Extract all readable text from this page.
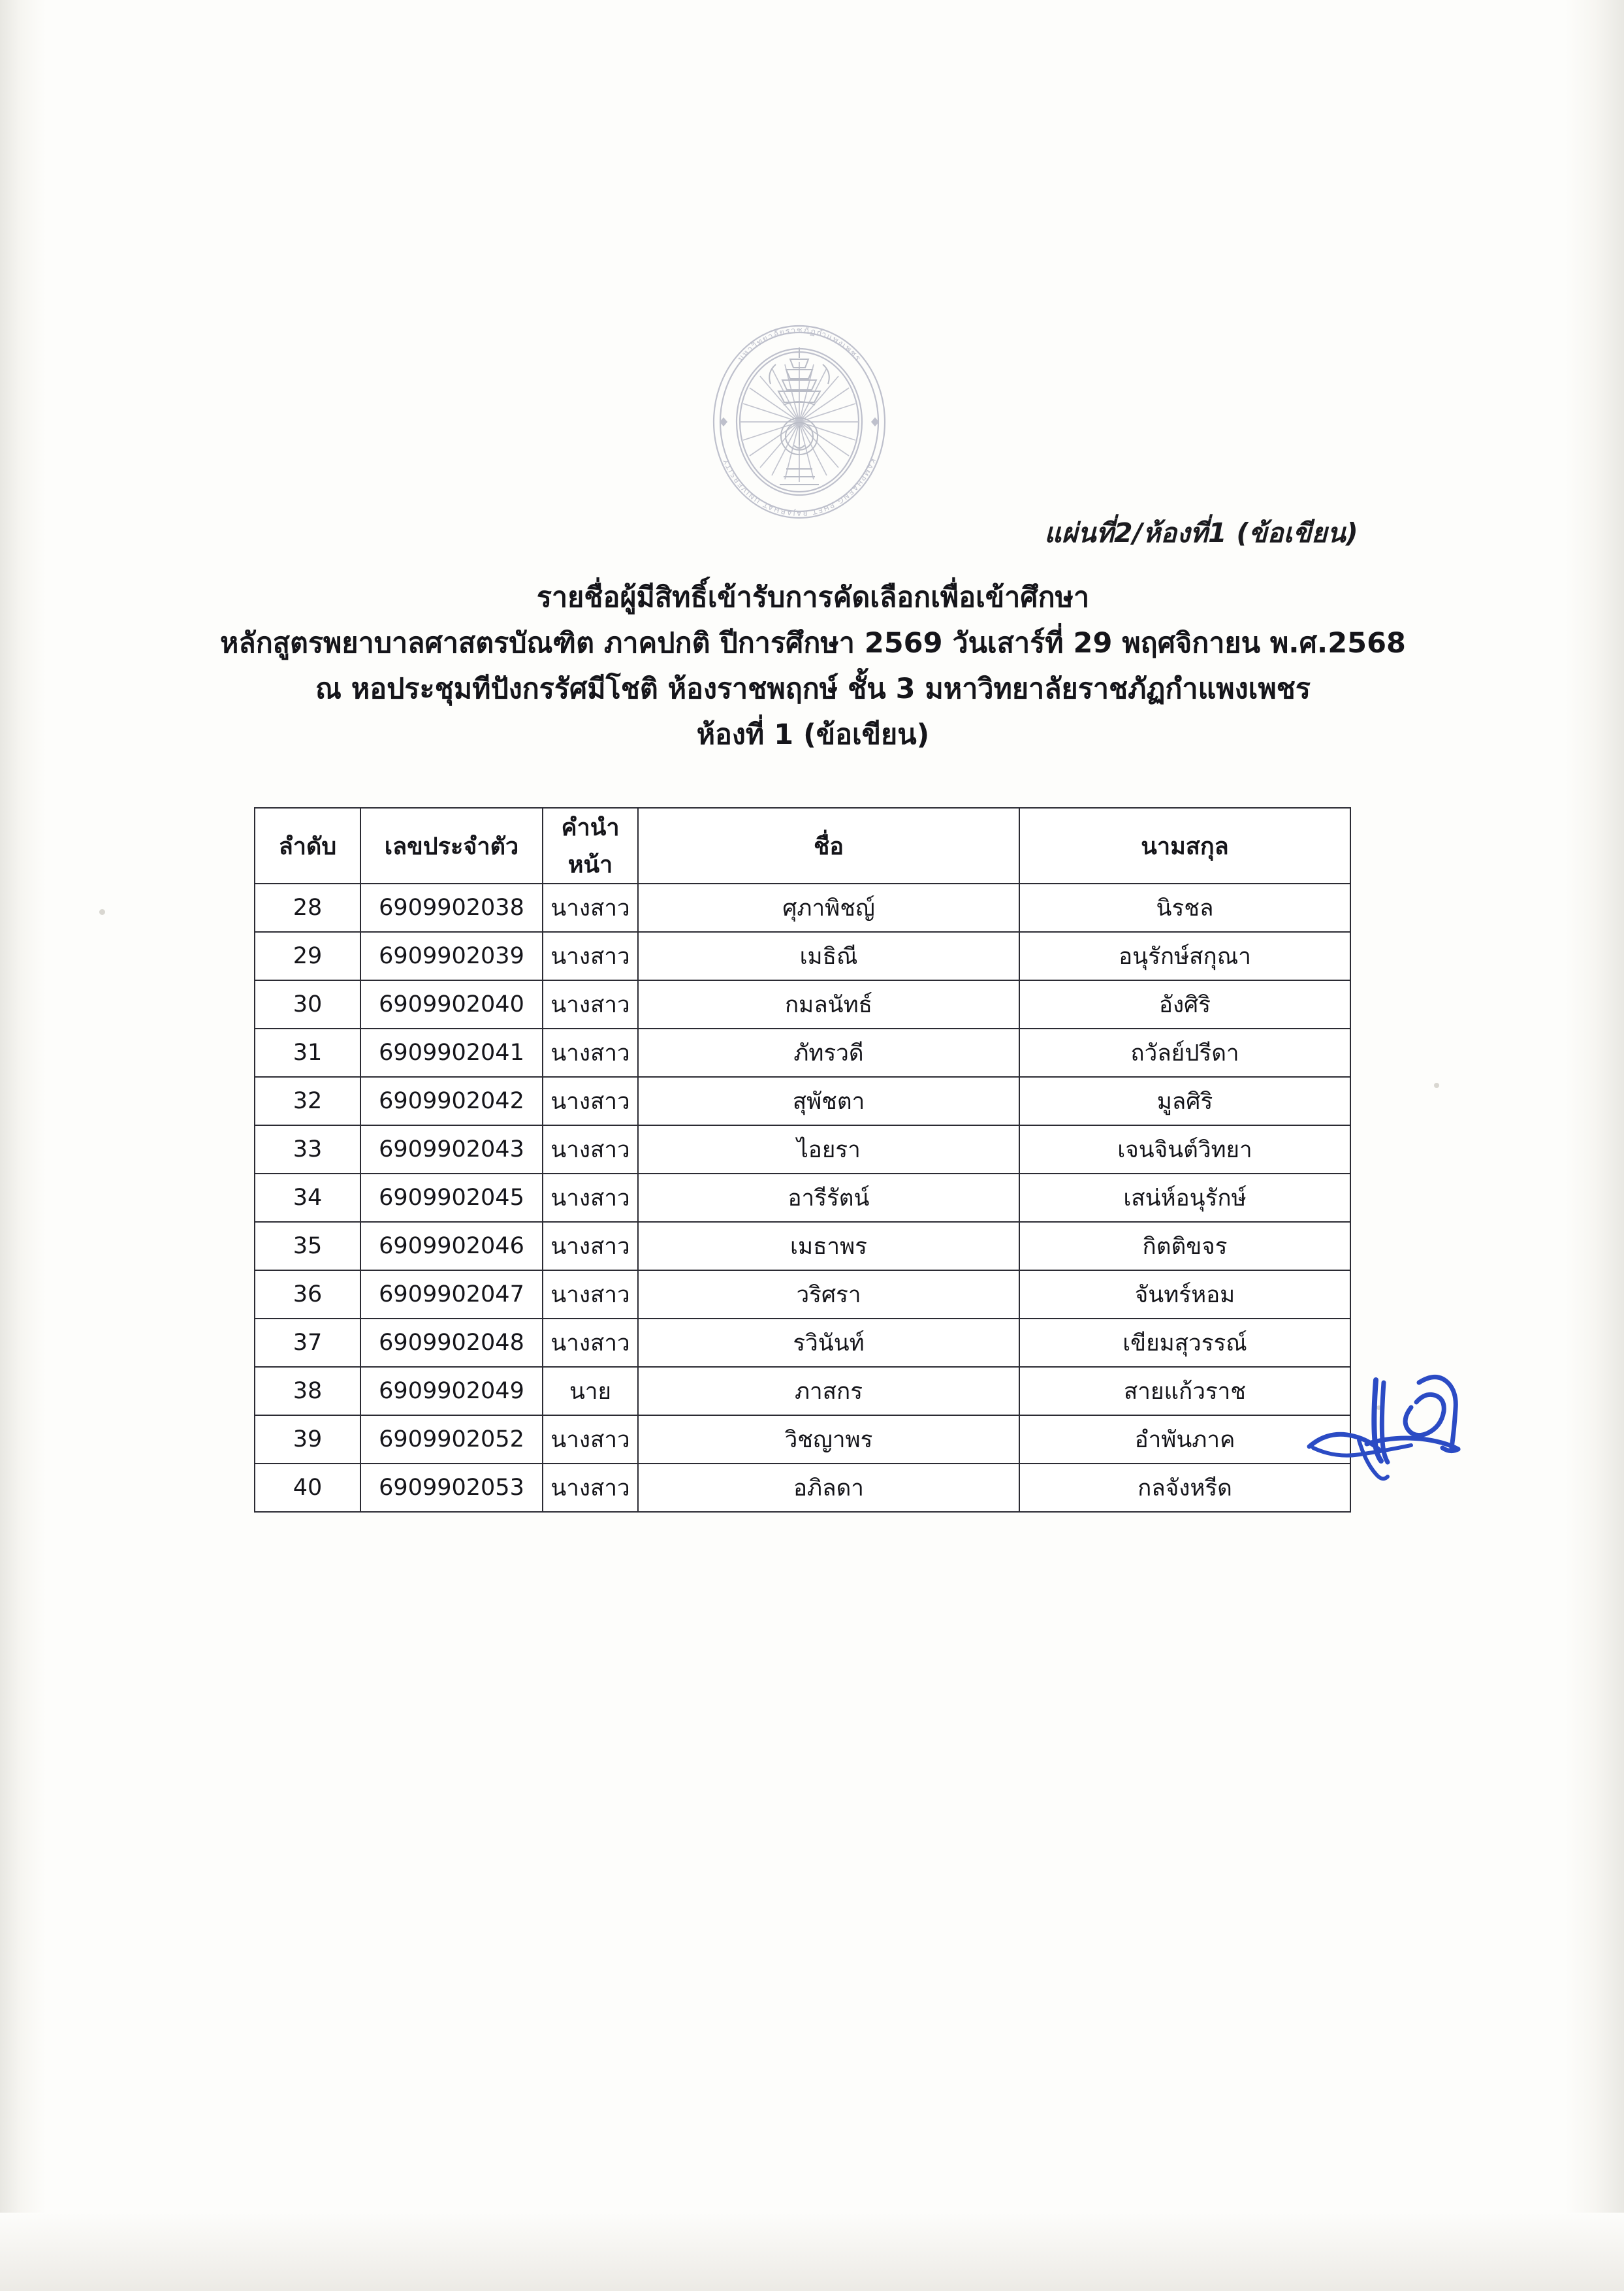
มหาวิทยาลัยราชภัฏกำแพงเพชร
KAMPHAENG PHET RAJABHAT UNIVERSITY
แผ่นที่2/ห้องที่1 (ข้อเขียน)
รายชื่อผู้มีสิทธิ์เข้ารับการคัดเลือกเพื่อเข้าศึกษา
หลักสูตรพยาบาลศาสตรบัณฑิต ภาคปกติ ปีการศึกษา 2569 วันเสาร์ที่ 29 พฤศจิกายน พ.ศ.2568
ณ หอประชุมทีปังกรรัศมีโชติ ห้องราชพฤกษ์ ชั้น 3 มหาวิทยาลัยราชภัฏกำแพงเพชร
ห้องที่ 1 (ข้อเขียน)
ลำดับ	เลขประจำตัว	คำนำหน้า	ชื่อ	นามสกุล
28	6909902038	นางสาว	ศุภาพิชญ์	นิรชล
29	6909902039	นางสาว	เมธิณี	อนุรักษ์สกุณา
30	6909902040	นางสาว	กมลนัทธ์	อังศิริ
31	6909902041	นางสาว	ภัทรวดี	ถวัลย์ปรีดา
32	6909902042	นางสาว	สุพัชตา	มูลศิริ
33	6909902043	นางสาว	ไอยรา	เจนจินต์วิทยา
34	6909902045	นางสาว	อารีรัตน์	เสน่ห์อนุรักษ์
35	6909902046	นางสาว	เมธาพร	กิตติขจร
36	6909902047	นางสาว	วริศรา	จันทร์หอม
37	6909902048	นางสาว	รวินันท์	เขียมสุวรรณ์
38	6909902049	นาย	ภาสกร	สายแก้วราช
39	6909902052	นางสาว	วิชญาพร	อำพันภาค
40	6909902053	นางสาว	อภิลดา	กลจังหรีด
